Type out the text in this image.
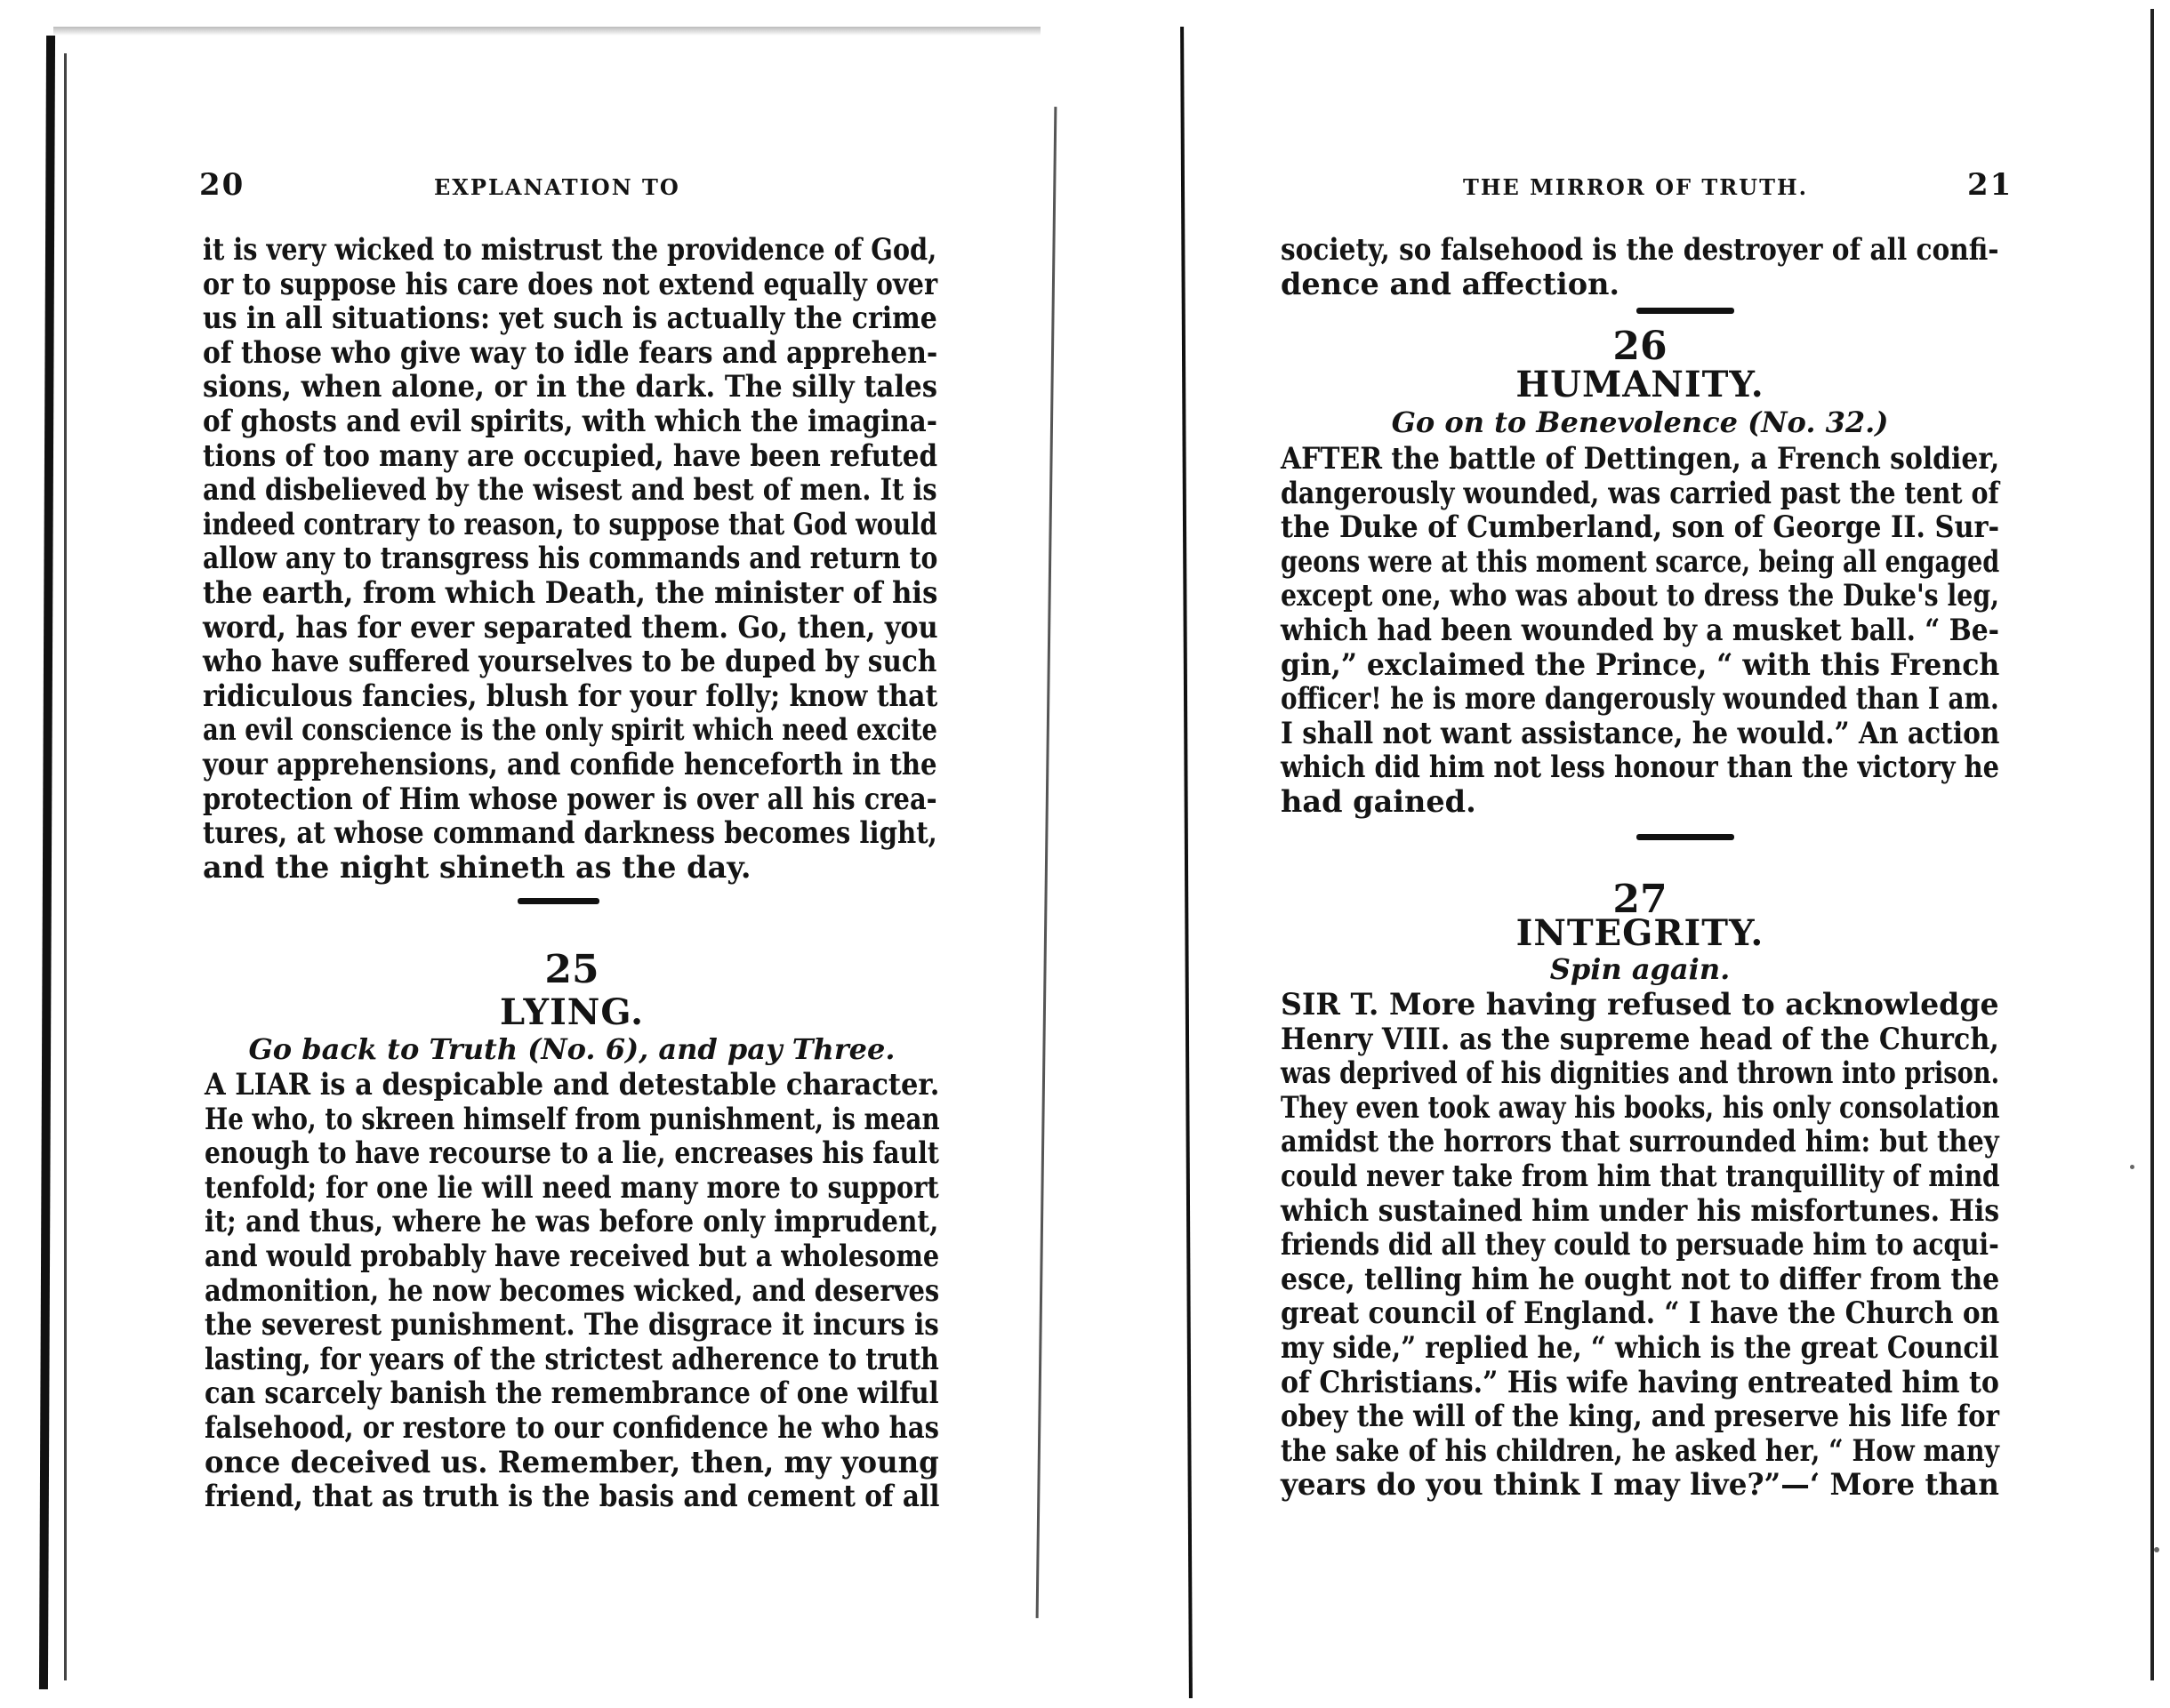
20	EXPLANATION TO
it is very wicked to mistrust the providence of God,
or to suppose his care does not extend equally over
us in all situations: yet such is actually the crime
of those who give way to idle fears and apprehen-
sions, when alone, or in the dark. The silly tales
of ghosts and evil spirits, with which the imagina-
tions of too many are occupied, have been refuted
and disbelieved by the wisest and best of men. It is
indeed contrary to reason, to suppose that God would
allow any to transgress his commands and return to
the earth, from which Death, the minister of his
word, has for ever separated them. Go, then, you
who have suffered yourselves to be duped by such
ridiculous fancies, blush for your folly; know that
an evil conscience is the only spirit which need excite
your apprehensions, and confide henceforth in the
protection of Him whose power is over all his crea-
tures, at whose command darkness becomes light,
and the night shineth as the day.
25
LYING.
Go back to Truth (No. 6), and pay Three.
A LIAR is a despicable and detestable character.
He who, to skreen himself from punishment, is mean
enough to have recourse to a lie, encreases his fault
tenfold; for one lie will need many more to support
it; and thus, where he was before only imprudent,
and would probably have received but a wholesome
admonition, he now becomes wicked, and deserves
the severest punishment. The disgrace it incurs is
lasting, for years of the strictest adherence to truth
can scarcely banish the remembrance of one wilful
falsehood, or restore to our confidence he who has
once deceived us. Remember, then, my young
friend, that as truth is the basis and cement of all
THE MIRROR OF TRUTH.	21
society, so falsehood is the destroyer of all confi-
dence and affection.
26
HUMANITY.
Go on to Benevolence (No. 32.)
AFTER the battle of Dettingen, a French soldier,
dangerously wounded, was carried past the tent of
the Duke of Cumberland, son of George II. Sur-
geons were at this moment scarce, being all engaged
except one, who was about to dress the Duke's leg,
which had been wounded by a musket ball. “ Be-
gin,” exclaimed the Prince, “ with this French
officer! he is more dangerously wounded than I am.
I shall not want assistance, he would.” An action
which did him not less honour than the victory he
had gained.
27
INTEGRITY.
Spin again.
SIR T. More having refused to acknowledge
Henry VIII. as the supreme head of the Church,
was deprived of his dignities and thrown into prison.
They even took away his books, his only consolation
amidst the horrors that surrounded him: but they
could never take from him that tranquillity of mind
which sustained him under his misfortunes. His
friends did all they could to persuade him to acqui-
esce, telling him he ought not to differ from the
great council of England. “ I have the Church on
my side,” replied he, “ which is the great Council
of Christians.” His wife having entreated him to
obey the will of the king, and preserve his life for
the sake of his children, he asked her, “ How many
years do you think I may live?”—‘ More than
